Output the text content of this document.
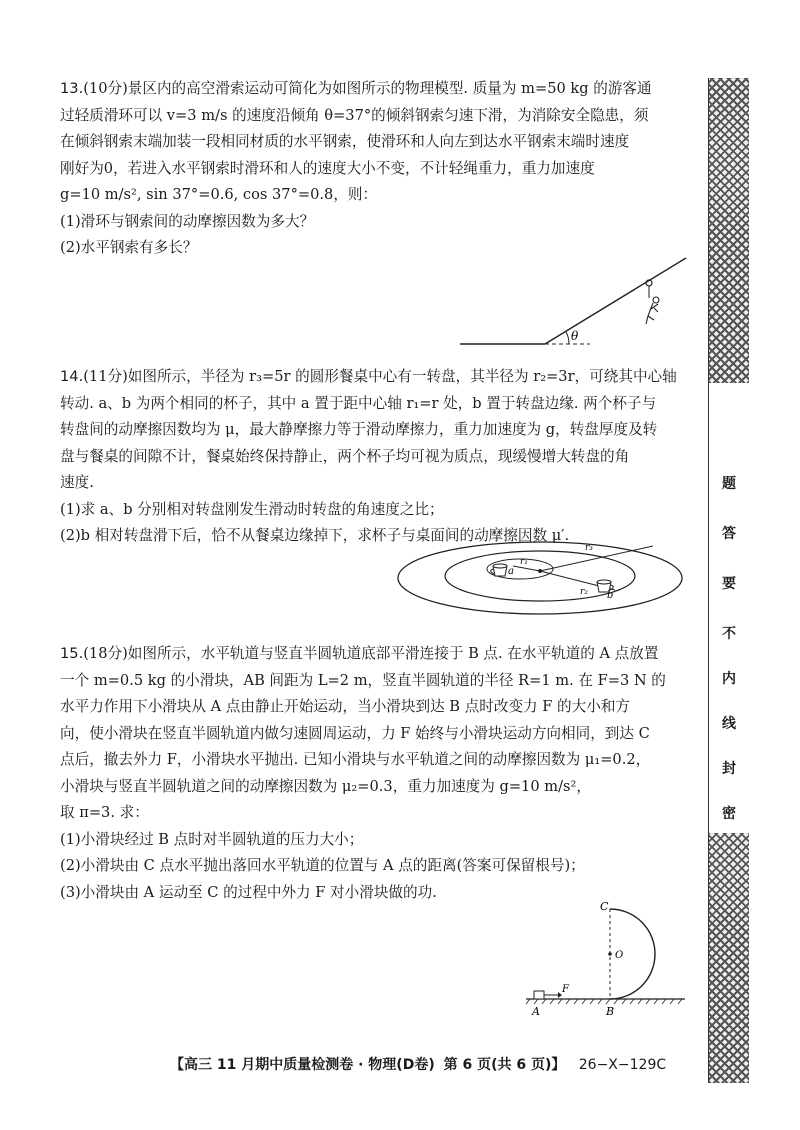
13.(10分)景区内的高空滑索运动可简化为如图所示的物理模型. 质量为 m=50 kg 的游客通

过轻质滑环可以 v=3 m/s 的速度沿倾角 θ=37°的倾斜钢索匀速下滑，为消除安全隐患，须

在倾斜钢索末端加装一段相同材质的水平钢索，使滑环和人向左到达水平钢索末端时速度

刚好为0，若进入水平钢索时滑环和人的速度大小不变，不计轻绳重力，重力加速度

g=10 m/s², sin 37°=0.6, cos 37°=0.8，则：

(1)滑环与钢索间的动摩擦因数为多大？

(2)水平钢索有多长？

θ

14.(11分)如图所示，半径为 r₃=5r 的圆形餐桌中心有一转盘，其半径为 r₂=3r，可绕其中心轴

转动. a、b 为两个相同的杯子，其中 a 置于距中心轴 r₁=r 处，b 置于转盘边缘. 两个杯子与

转盘间的动摩擦因数均为 μ，最大静摩擦力等于滑动摩擦力，重力加速度为 g，转盘厚度及转

盘与餐桌的间隙不计，餐桌始终保持静止，两个杯子均可视为质点，现缓慢增大转盘的角

速度.

(1)求 a、b 分别相对转盘刚发生滑动时转盘的角速度之比；

(2)b 相对转盘滑下后，恰不从餐桌边缘掉下，求杯子与桌面间的动摩擦因数 μ′.

r₃
r₂
r₁
a
b

15.(18分)如图所示，水平轨道与竖直半圆轨道底部平滑连接于 B 点. 在水平轨道的 A 点放置

一个 m=0.5 kg 的小滑块，AB 间距为 L=2 m，竖直半圆轨道的半径 R=1 m. 在 F=3 N 的

水平力作用下小滑块从 A 点由静止开始运动，当小滑块到达 B 点时改变力 F 的大小和方

向，使小滑块在竖直半圆轨道内做匀速圆周运动，力 F 始终与小滑块运动方向相同，到达 C

点后，撤去外力 F，小滑块水平抛出. 已知小滑块与水平轨道之间的动摩擦因数为 μ₁=0.2，

小滑块与竖直半圆轨道之间的动摩擦因数为 μ₂=0.3，重力加速度为 g=10 m/s²，

取 π=3. 求：

(1)小滑块经过 B 点时对半圆轨道的压力大小；

(2)小滑块由 C 点水平抛出落回水平轨道的位置与 A 点的距离(答案可保留根号)；

(3)小滑块由 A 运动至 C 的过程中外力 F 对小滑块做的功.

O
C
B
A
F
【高三 11 月期中质量检测卷 · 物理(D卷) 第 6 页(共 6 页)】 26−X−129C
题
答
要
不
内
线
封
密
